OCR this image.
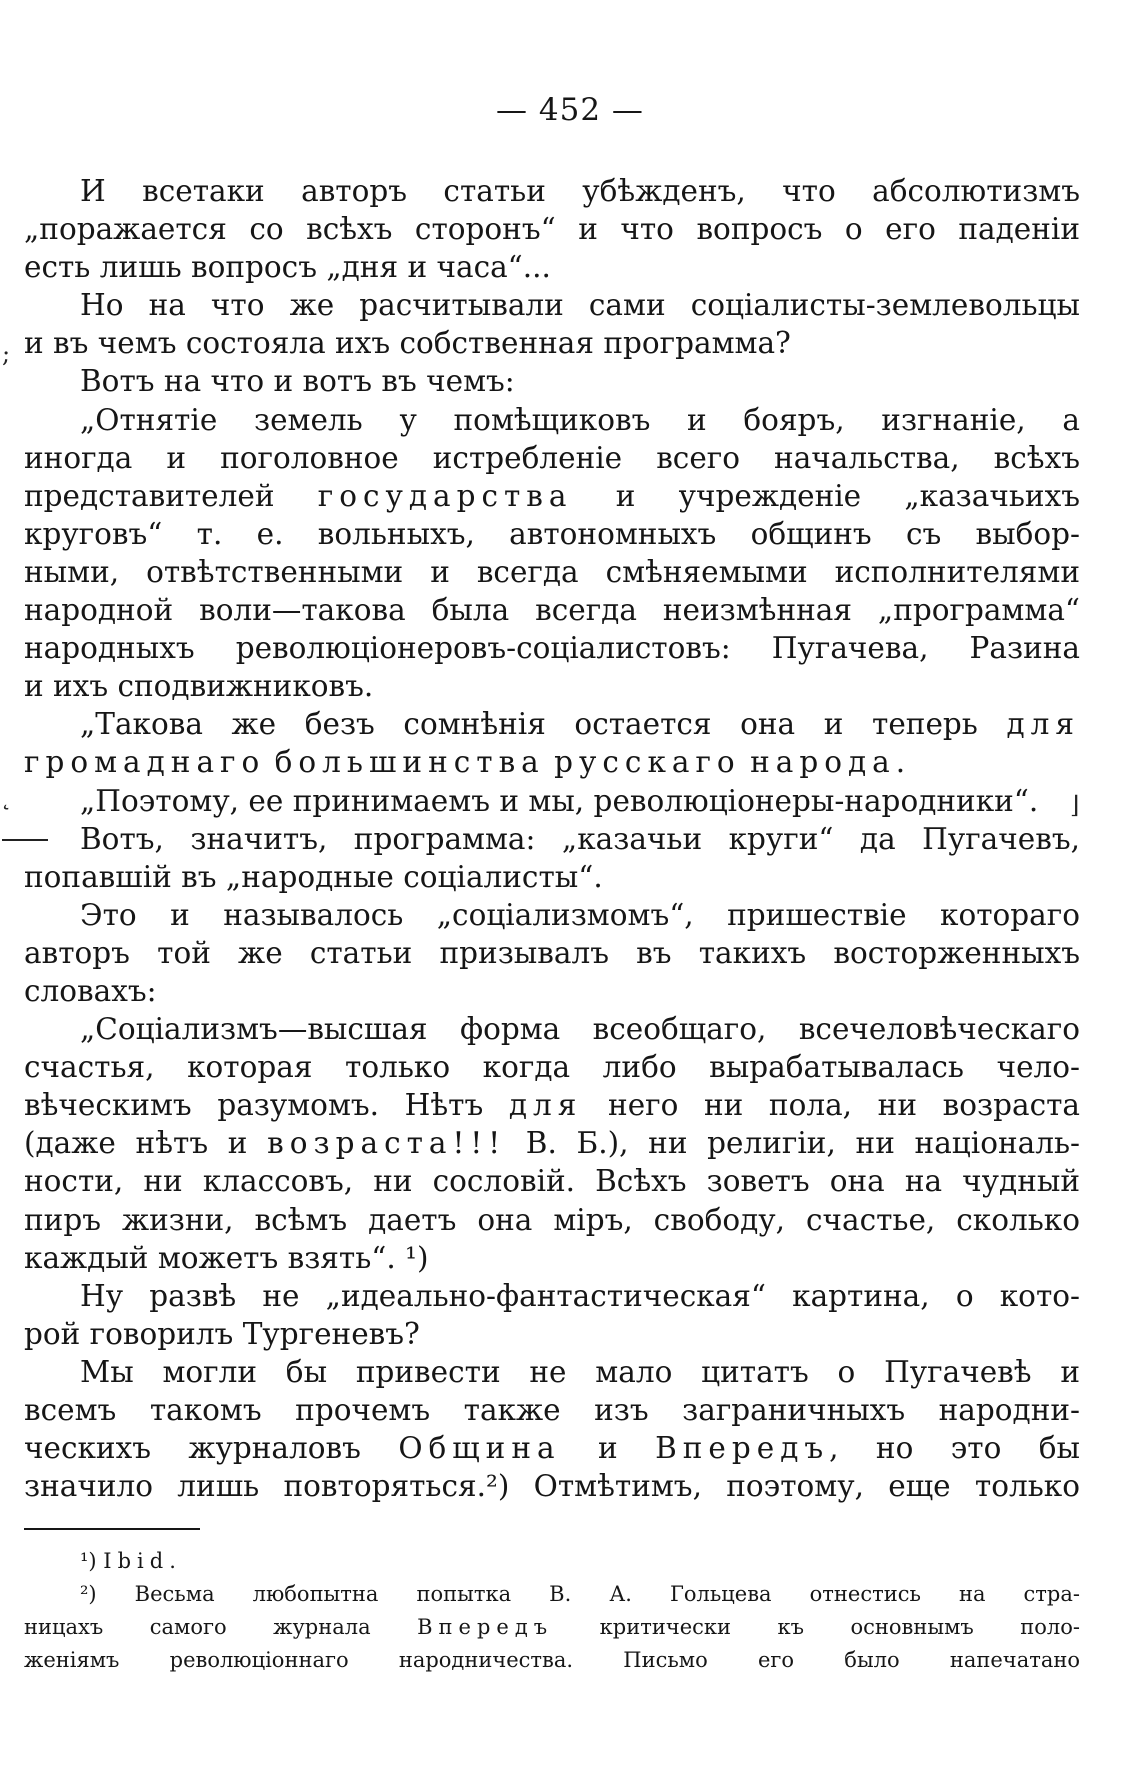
— 452 —
И всетаки авторъ статьи убѣжденъ, что абсолютизмъ
„поражается со всѣхъ сторонъ“ и что вопросъ о его паденіи
есть лишь вопросъ „дня и часа“...
Но на что же расчитывали сами соціалисты-землевольцы
и въ чемъ состояла ихъ собственная программа?
Вотъ на что и вотъ въ чемъ:
„Отнятіе земель у помѣщиковъ и бояръ, изгнаніе, а
иногда и поголовное истребленіе всего начальства, всѣхъ
представителей государства и учрежденіе „казачьихъ
круговъ“ т. е. вольныхъ, автономныхъ общинъ съ выбор-
ными, отвѣтственными и всегда смѣняемыми исполнителями
народной воли—такова была всегда неизмѣнная „программа“
народныхъ революціонеровъ-соціалистовъ: Пугачева, Разина
и ихъ сподвижниковъ.
„Такова же безъ сомнѣнія остается она и теперь для
громаднаго большинства русскаго народа.
„Поэтому, ее принимаемъ и мы, революціонеры-народники“.
Вотъ, значитъ, программа: „казачьи круги“ да Пугачевъ,
попавшій въ „народные соціалисты“.
Это и называлось „соціализмомъ“, пришествіе котораго
авторъ той же статьи призывалъ въ такихъ восторженныхъ
словахъ:
„Соціализмъ—высшая форма всеобщаго, всечеловѣческаго
счастья, которая только когда либо вырабатывалась чело-
вѣческимъ разумомъ. Нѣтъ для него ни пола, ни возраста
(даже нѣтъ и возраста!!! В. Б.), ни религіи, ни національ-
ности, ни классовъ, ни сословій. Всѣхъ зоветъ она на чудный
пиръ жизни, всѣмъ даетъ она міръ, свободу, счастье, сколько
каждый можетъ взять“. ¹)
Ну развѣ не „идеально-фантастическая“ картина, о кото-
рой говорилъ Тургеневъ?
Мы могли бы привести не мало цитатъ о Пугачевѣ и
всемъ такомъ прочемъ также изъ заграничныхъ народни-
ческихъ журналовъ Община и Впередъ, но это бы
значило лишь повторяться.²) Отмѣтимъ, поэтому, еще только
¹) Ibid.
²) Весьма любопытна попытка В. А. Гольцева отнестись на стра-
ницахъ самого журнала Впередъ критически къ основнымъ поло-
женіямъ революціоннаго народничества. Письмо его было напечатано
;
˛	⌋
